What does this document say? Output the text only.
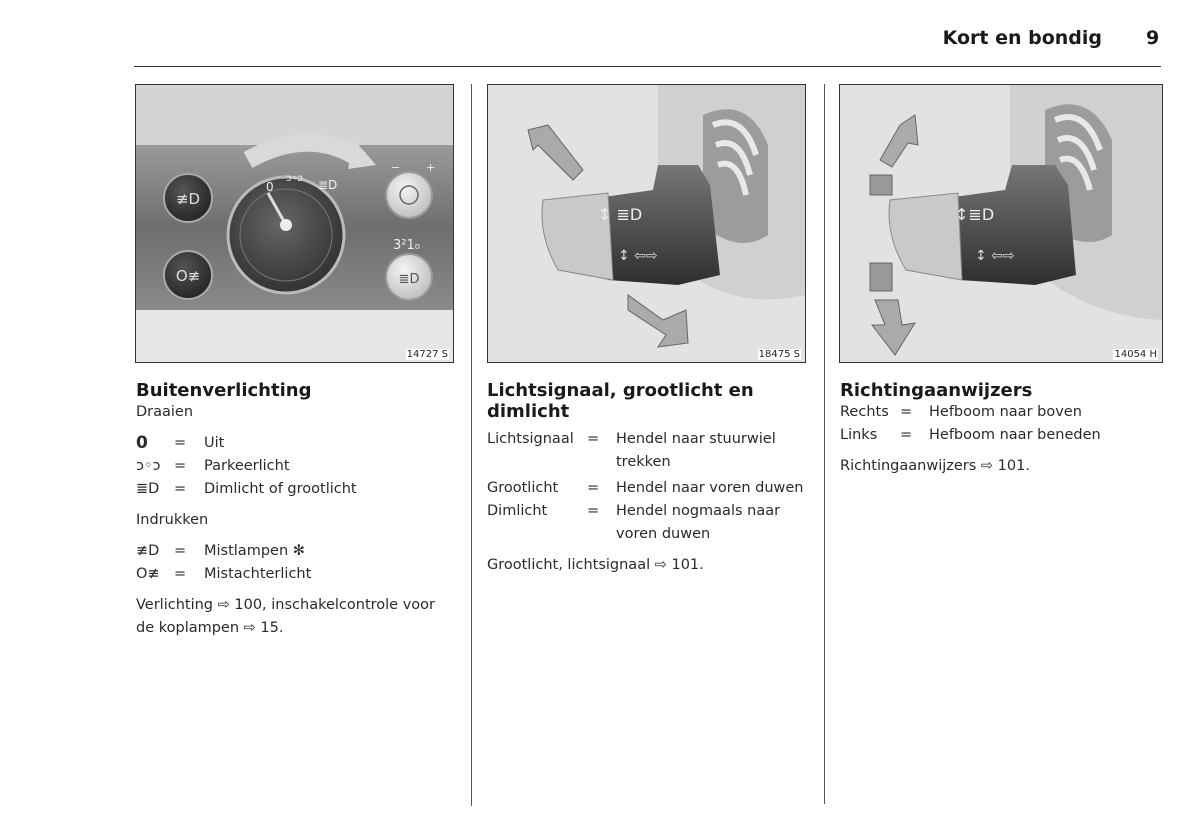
Kort en bondig 9
≢D
O≢
0
ↄ◦ↄ ≣D
− +
3²1₀
≣D
14727 S
↕ ≣D
↕ ⇦⇨
18475 S
↕≣D
↕ ⇦⇨
14054 H
Buitenverlichting

Draaien

0	=	Uit
ↄ◦ↄ =	Parkeerlicht
≣D	=	Dimlicht of grootlicht

Indrukken

≢D	=	Mistlampen ✻
O≢ =	Mistachterlicht

Verlichting ⇨ 100, inschakelcontrole voor

de koplampen ⇨ 15.

Lichtsignaal, grootlicht en
dimlicht
Lichtsignaal =	Hendel naar stuurwiel
trekken
Grootlicht	=	Hendel naar voren duwen
Dimlicht	=	Hendel nogmaals naar
voren duwen

Grootlicht, lichtsignaal ⇨ 101.

Richtingaanwijzers
Rechts =	Hefboom naar boven
Links	=	Hefboom naar beneden

Richtingaanwijzers ⇨ 101.
